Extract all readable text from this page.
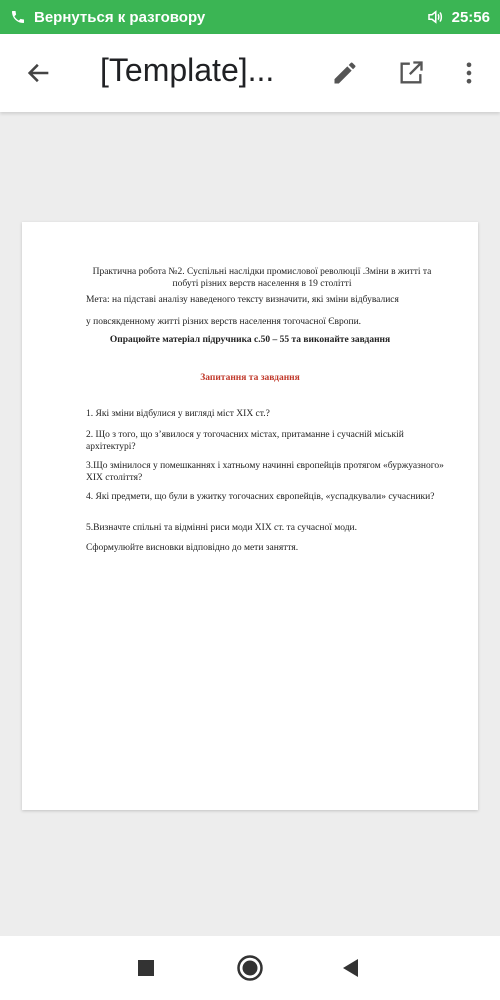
Вернуться к разговору	25:56
[Template]...
Практична робота №2. Суспільні наслідки промислової революції .Зміни в житті та побуті різних верств населення в 19 столітті
Мета: на підставі аналізу наведеного тексту визначити, які зміни відбувалися
у повсякденному житті різних верств населення тогочасної Європи.
Опрацюйте матеріал підручника с.50 – 55 та виконайте завдання
Запитання та завдання
1. Які зміни відбулися у вигляді міст XIX ст.?
2. Що з того, що з’явилося у тогочасних містах, притаманне і сучасній міській архітектурі?
3.Що змінилося у помешканнях і хатньому начинні європейців протягом «буржуазного» XIX століття?
4. Які предмети, що були в ужитку тогочасних європейців, «успадкували» сучасники?
5.Визначте спільні та відмінні риси моди XIX ст. та сучасної моди.
Сформулюйте висновки відповідно до мети заняття.
